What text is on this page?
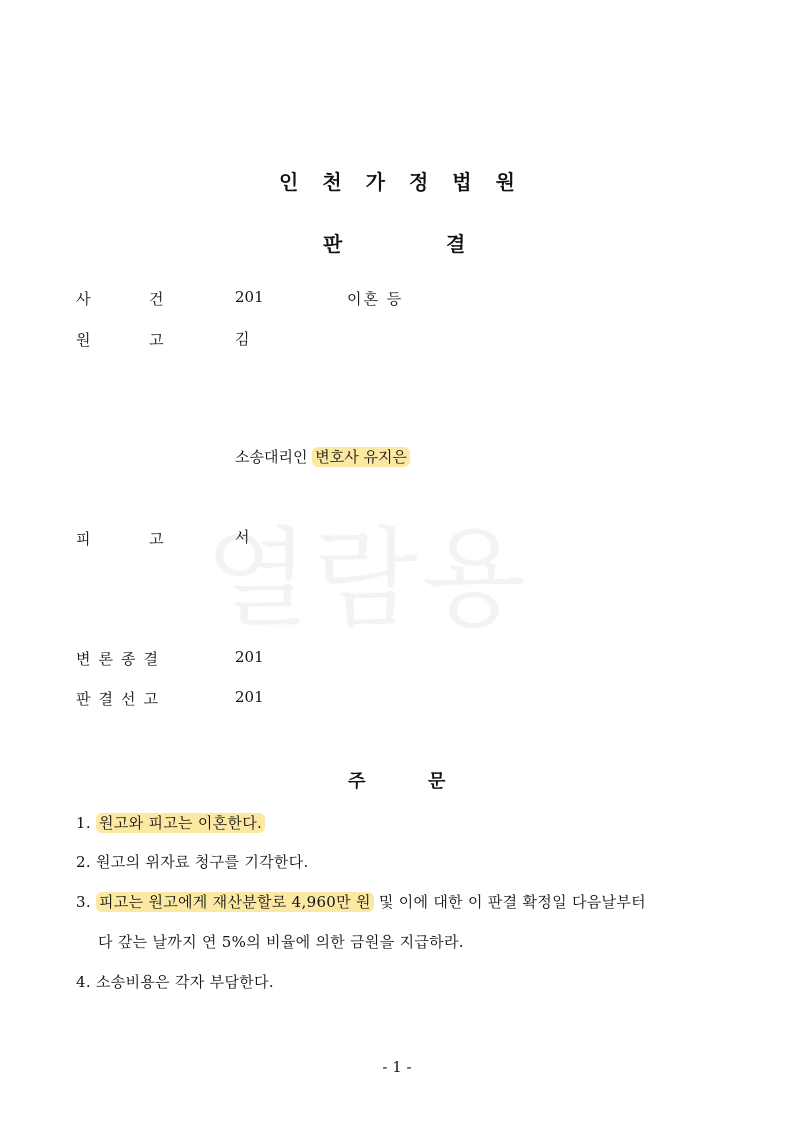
인천가정법원
판	결
사	건	201	이혼 등
원	고	김
소송대리인 변호사 유지은
피	고	서
변론종결	201
판결선고	201
주	문
1. 원고와 피고는 이혼한다.
2. 원고의 위자료 청구를 기각한다.
3. 피고는 원고에게 재산분할로 4,960만 원 및 이에 대한 이 판결 확정일 다음날부터
다 갚는 날까지 연 5%의 비율에 의한 금원을 지급하라.
4. 소송비용은 각자 부담한다.
- 1 -
